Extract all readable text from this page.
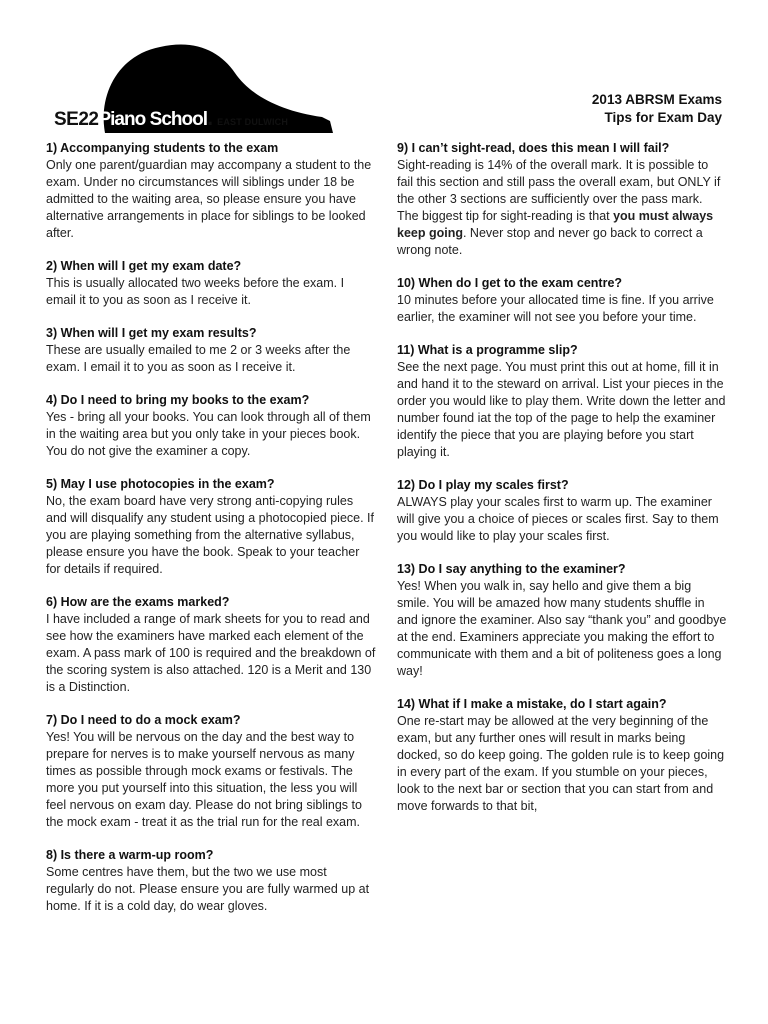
SE22Piano School. EAST DULWICH
2013 ABRSM Exams
Tips for Exam Day
1) Accompanying students to the exam

Only one parent/guardian may accompany a student to the exam. Under no circumstances will siblings under 18 be admitted to the waiting area, so please ensure you have alternative arrangements in place for siblings to be looked after.

2) When will I get my exam date?

This is usually allocated two weeks before the exam. I email it to you as soon as I receive it.

3) When will I get my exam results?

These are usually emailed to me 2 or 3 weeks after the exam. I email it to you as soon as I receive it.

4) Do I need to bring my books to the exam?

Yes - bring all your books. You can look through all of them in the waiting area but you only take in your pieces book. You do not give the examiner a copy.

5) May I use photocopies in the exam?

No, the exam board have very strong anti-copying rules and will disqualify any student using a photocopied piece. If you are playing something from the alternative syllabus, please ensure you have the book. Speak to your teacher for details if required.

6) How are the exams marked?

I have included a range of mark sheets for you to read and see how the examiners have marked each element of the exam. A pass mark of 100 is required and the breakdown of the scoring system is also attached. 120 is a Merit and 130 is a Distinction.

7) Do I need to do a mock exam?

Yes! You will be nervous on the day and the best way to prepare for nerves is to make yourself nervous as many times as possible through mock exams or festivals. The more you put yourself into this situation, the less you will feel nervous on exam day. Please do not bring siblings to the mock exam - treat it as the trial run for the real exam.

8) Is there a warm-up room?

Some centres have them, but the two we use most regularly do not. Please ensure you are fully warmed up at home. If it is a cold day, do wear gloves.

9) I can’t sight-read, does this mean I will fail?

Sight-reading is 14% of the overall mark. It is possible to fail this section and still pass the overall exam, but ONLY if the other 3 sections are sufficiently over the pass mark. The biggest tip for sight-reading is that you must always keep going. Never stop and never go back to correct a wrong note.

10) When do I get to the exam centre?

10 minutes before your allocated time is fine. If you arrive earlier, the examiner will not see you before your time.

11) What is a programme slip?

See the next page. You must print this out at home, fill it in and hand it to the steward on arrival. List your pieces in the order you would like to play them. Write down the letter and number found iat the top of the page to help the examiner identify the piece that you are playing before you start playing it.

12) Do I play my scales first?

ALWAYS play your scales first to warm up. The examiner will give you a choice of pieces or scales first. Say to them you would like to play your scales first.

13) Do I say anything to the examiner?

Yes! When you walk in, say hello and give them a big smile. You will be amazed how many students shuffle in and ignore the examiner. Also say “thank you” and goodbye at the end. Examiners appreciate you making the effort to communicate with them and a bit of politeness goes a long way!

14) What if I make a mistake, do I start again?

One re-start may be allowed at the very beginning of the exam, but any further ones will result in marks being docked, so do keep going. The golden rule is to keep going in every part of the exam. If you stumble on your pieces, look to the next bar or section that you can start from and move forwards to that bit,
